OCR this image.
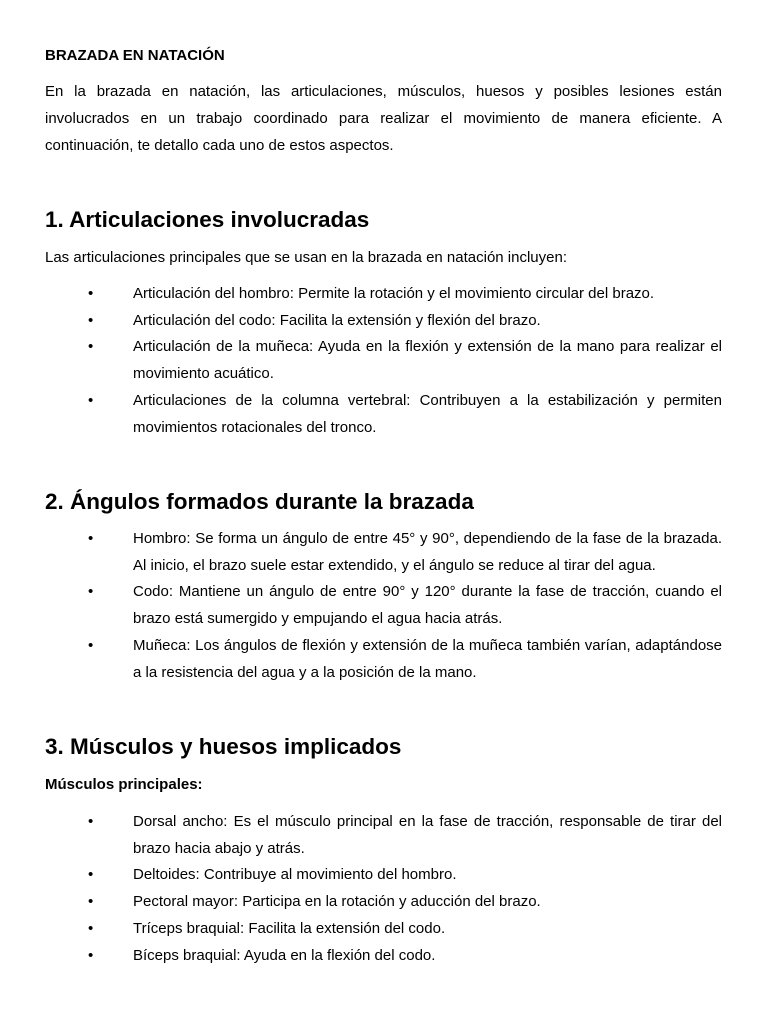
BRAZADA EN NATACIÓN

En la brazada en natación, las articulaciones, músculos, huesos y posibles lesiones están involucrados en un trabajo coordinado para realizar el movimiento de manera eficiente. A continuación, te detallo cada uno de estos aspectos.

1. Articulaciones involucradas

Las articulaciones principales que se usan en la brazada en natación incluyen:

•	Articulación del hombro: Permite la rotación y el movimiento circular del brazo.
•	Articulación del codo: Facilita la extensión y flexión del brazo.
•	Articulación de la muñeca: Ayuda en la flexión y extensión de la mano para realizar el movimiento acuático.
•	Articulaciones de la columna vertebral: Contribuyen a la estabilización y permiten movimientos rotacionales del tronco.
2. Ángulos formados durante la brazada
•	Hombro: Se forma un ángulo de entre 45° y 90°, dependiendo de la fase de la brazada. Al inicio, el brazo suele estar extendido, y el ángulo se reduce al tirar del agua.
•	Codo: Mantiene un ángulo de entre 90° y 120° durante la fase de tracción, cuando el brazo está sumergido y empujando el agua hacia atrás.
•	Muñeca: Los ángulos de flexión y extensión de la muñeca también varían, adaptándose a la resistencia del agua y a la posición de la mano.
3. Músculos y huesos implicados
Músculos principales:
•	Dorsal ancho: Es el músculo principal en la fase de tracción, responsable de tirar del brazo hacia abajo y atrás.
•	Deltoides: Contribuye al movimiento del hombro.
•	Pectoral mayor: Participa en la rotación y aducción del brazo.
•	Tríceps braquial: Facilita la extensión del codo.
•	Bíceps braquial: Ayuda en la flexión del codo.
